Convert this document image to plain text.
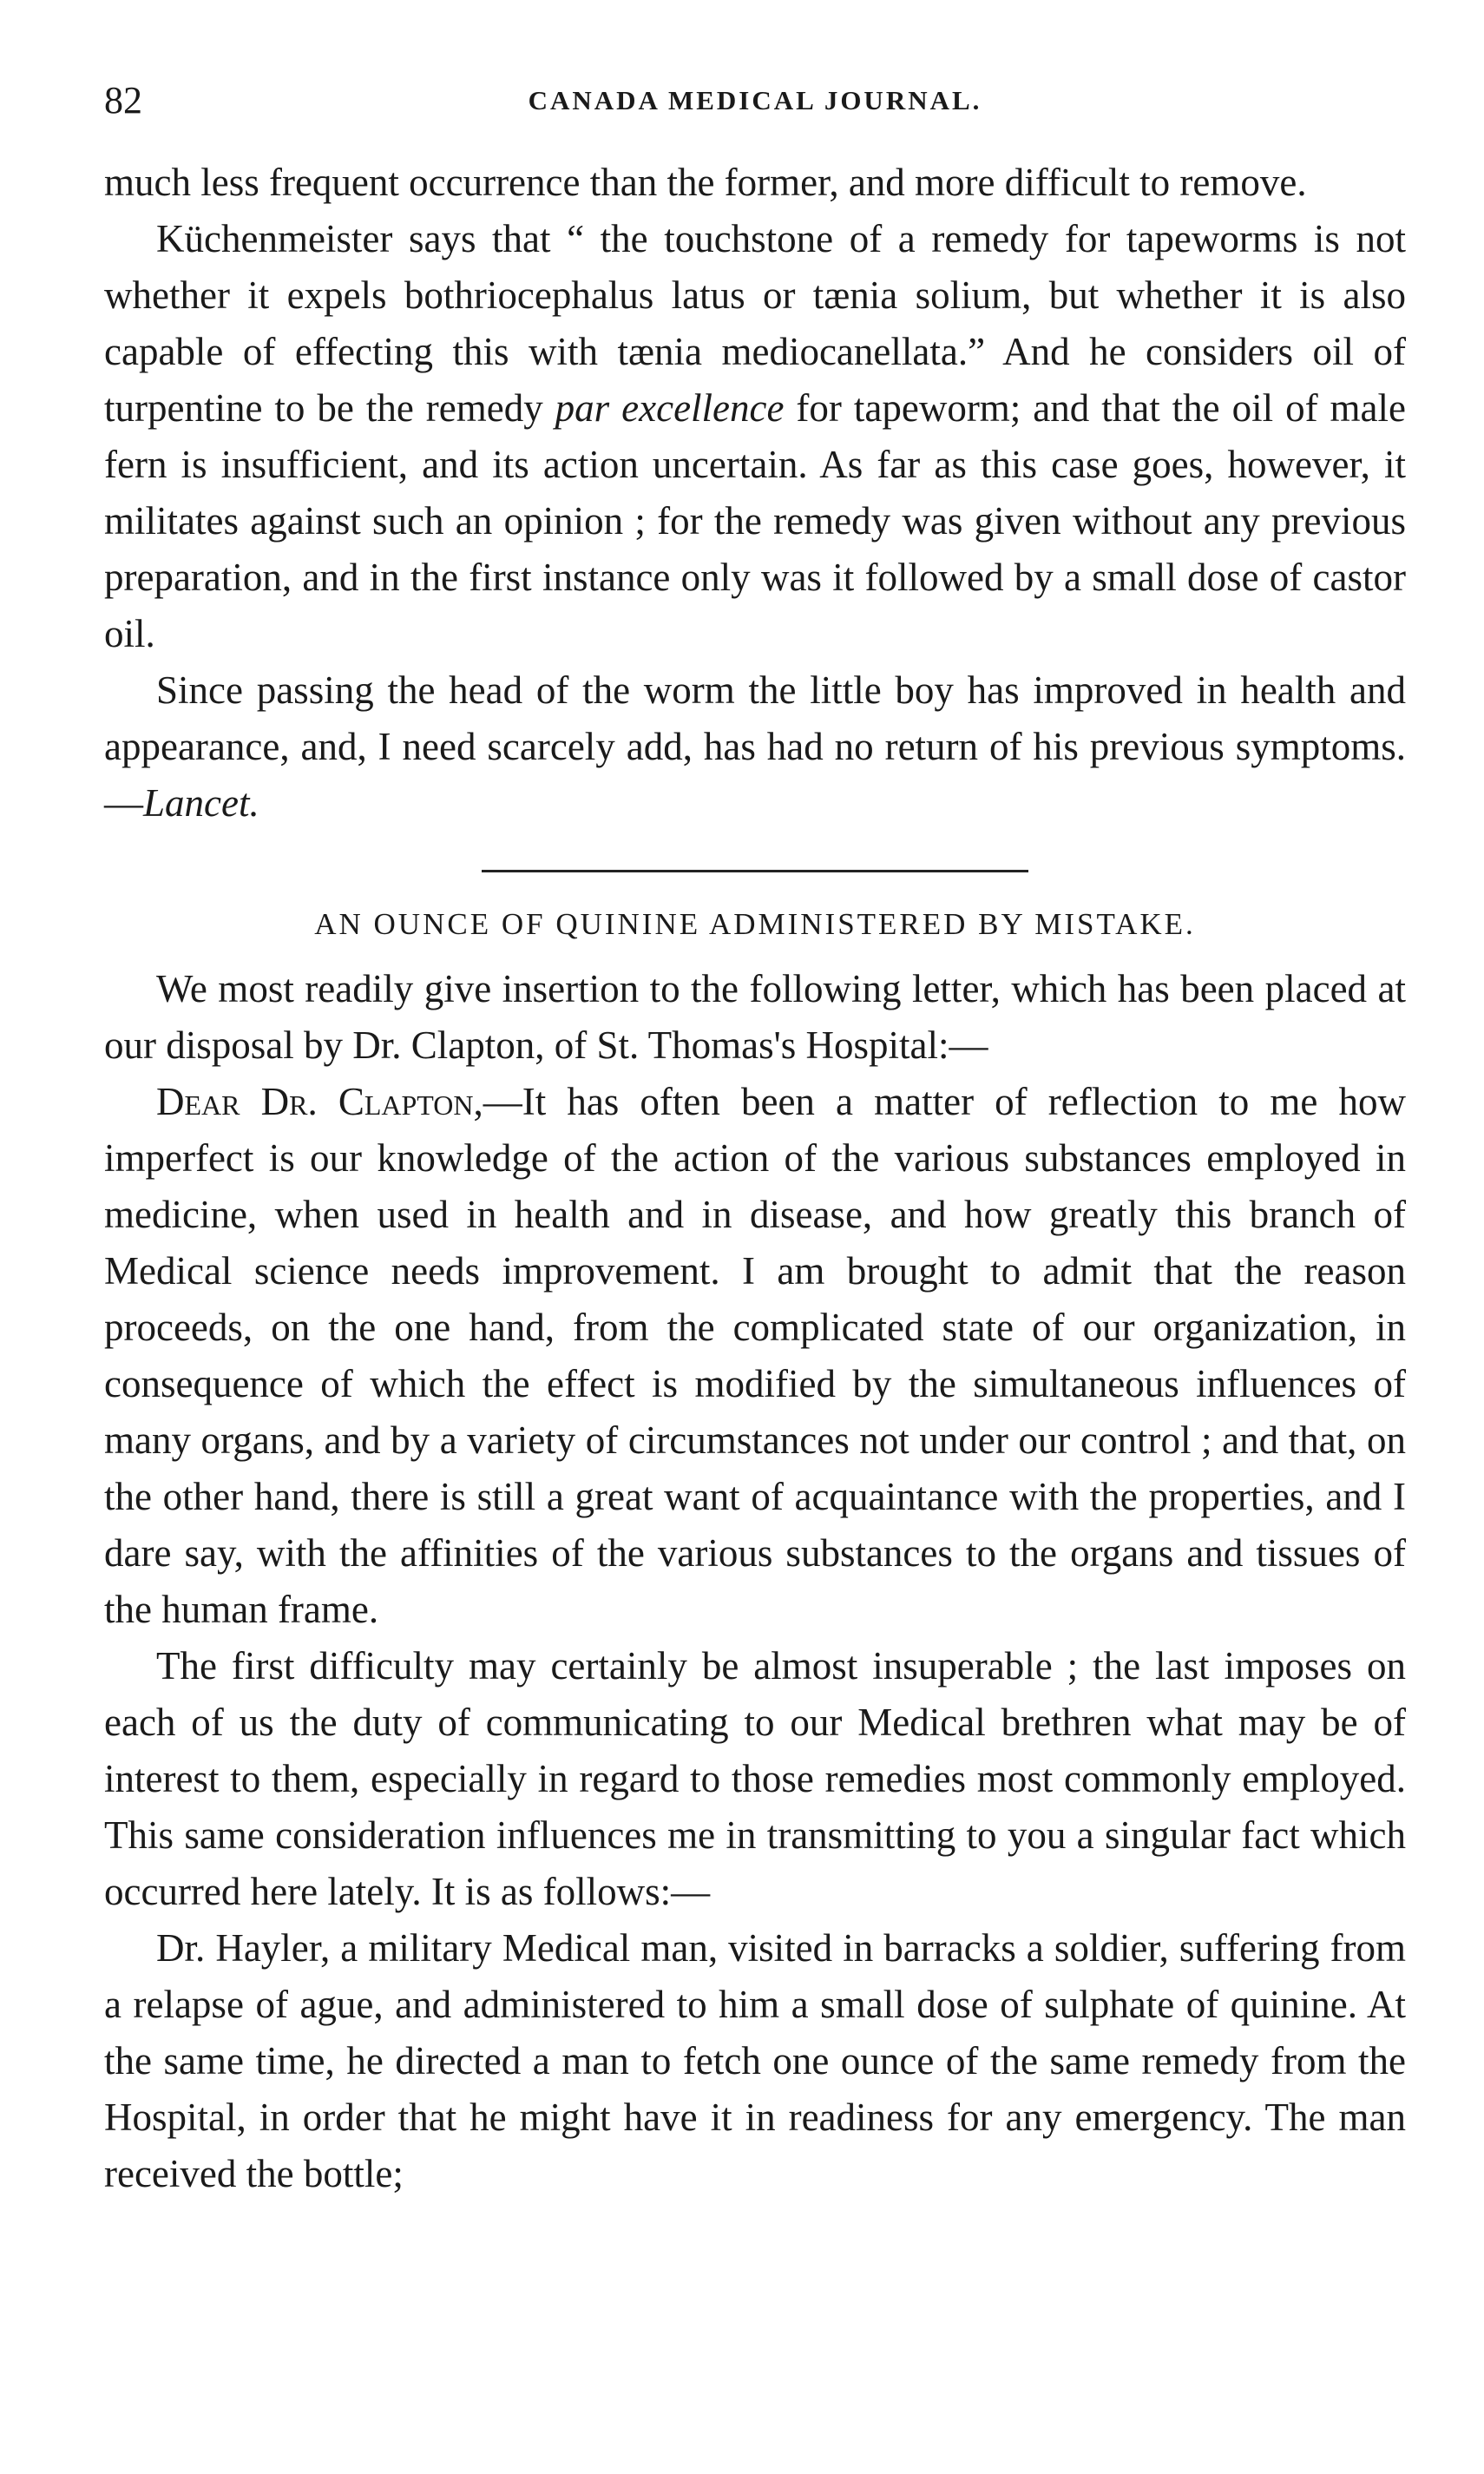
82	CANADA MEDICAL JOURNAL.

much less frequent occurrence than the former, and more difficult to remove.

Küchenmeister says that “ the touchstone of a remedy for tapeworms is not whether it expels bothriocephalus latus or tænia solium, but whether it is also capable of effecting this with tænia mediocanellata.” And he considers oil of turpentine to be the remedy par excellence for tapeworm; and that the oil of male fern is insufficient, and its action uncertain. As far as this case goes, however, it militates against such an opinion ; for the remedy was given without any previous preparation, and in the first instance only was it followed by a small dose of castor oil.

Since passing the head of the worm the little boy has improved in health and appearance, and, I need scarcely add, has had no return of his previous symptoms.—Lancet.

AN OUNCE OF QUININE ADMINISTERED BY MISTAKE.

We most readily give insertion to the following letter, which has been placed at our disposal by Dr. Clapton, of St. Thomas's Hospital:—

Dear Dr. Clapton,—It has often been a matter of reflection to me how imperfect is our knowledge of the action of the various substances employed in medicine, when used in health and in disease, and how greatly this branch of Medical science needs improvement. I am brought to admit that the reason proceeds, on the one hand, from the complicated state of our organization, in consequence of which the effect is modified by the simultaneous influences of many organs, and by a variety of circumstances not under our control ; and that, on the other hand, there is still a great want of acquaintance with the properties, and I dare say, with the affinities of the various substances to the organs and tissues of the human frame.

The first difficulty may certainly be almost insuperable ; the last imposes on each of us the duty of communicating to our Medical brethren what may be of interest to them, especially in regard to those remedies most commonly employed. This same consideration influences me in transmitting to you a singular fact which occurred here lately. It is as follows:—

Dr. Hayler, a military Medical man, visited in barracks a soldier, suffering from a relapse of ague, and administered to him a small dose of sulphate of quinine. At the same time, he directed a man to fetch one ounce of the same remedy from the Hospital, in order that he might have it in readiness for any emergency. The man received the bottle;
